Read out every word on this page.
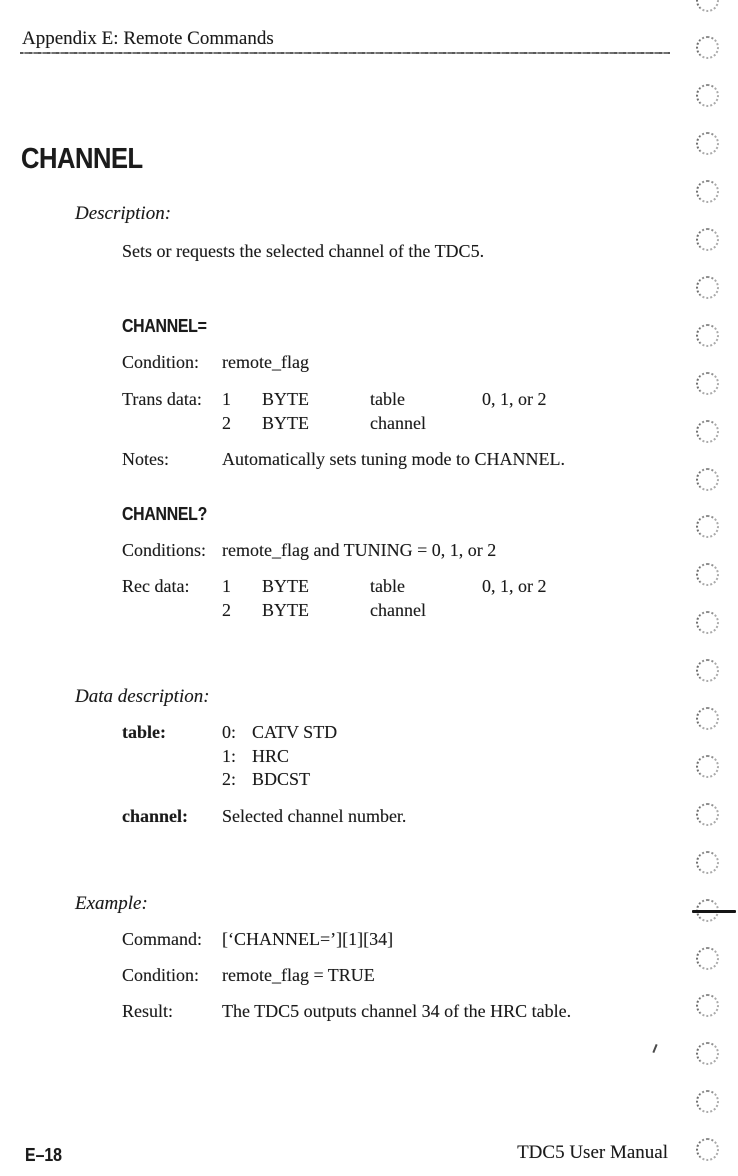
Appendix E: Remote Commands
CHANNEL
Description:
Sets or requests the selected channel of the TDC5.
CHANNEL=
Condition: remote_flag
Trans data: 1 BYTE	table	0, 1, or 2
2 BYTE	channel
Notes:	Automatically sets tuning mode to CHANNEL.
CHANNEL?
Conditions: remote_flag and TUNING = 0, 1, or 2
Rec data: 1 BYTE	table	0, 1, or 2
2 BYTE	channel
Data description:
table:	0: CATV STD
1: HRC
2: BDCST
channel: Selected channel number.
Example:
Command: [‘CHANNEL=’][1][34]
Condition: remote_flag = TRUE
Result:	The TDC5 outputs channel 34 of the HRC table.
E–18	TDC5 User Manual
